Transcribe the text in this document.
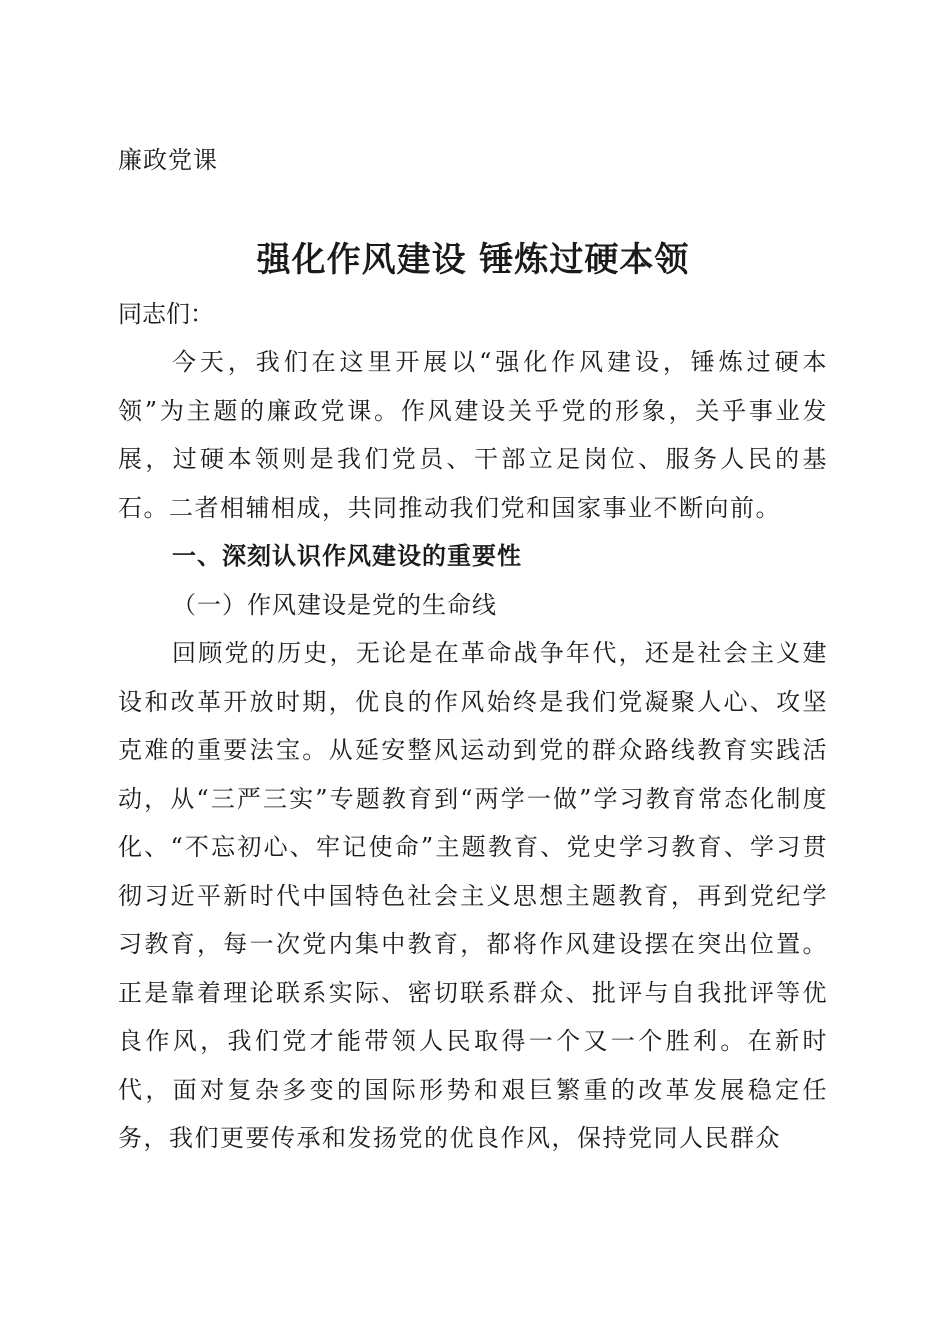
廉政党课
强化作风建设 锤炼过硬本领
同志们：

今天，我们在这里开展以“强化作风建设，锤炼过硬本领”为主题的廉政党课。作风建设关乎党的形象，关乎事业发展，过硬本领则是我们党员、干部立足岗位、服务人民的基石。二者相辅相成，共同推动我们党和国家事业不断向前。

一、深刻认识作风建设的重要性

（一）作风建设是党的生命线

回顾党的历史，无论是在革命战争年代，还是社会主义建设和改革开放时期，优良的作风始终是我们党凝聚人心、攻坚克难的重要法宝。从延安整风运动到党的群众路线教育实践活动，从“三严三实”专题教育到“两学一做”学习教育常态化制度化、“不忘初心、牢记使命”主题教育、党史学习教育、学习贯彻习近平新时代中国特色社会主义思想主题教育，再到党纪学习教育，每一次党内集中教育，都将作风建设摆在突出位置。正是靠着理论联系实际、密切联系群众、批评与自我批评等优良作风，我们党才能带领人民取得一个又一个胜利。在新时代，面对复杂多变的国际形势和艰巨繁重的改革发展稳定任务，我们更要传承和发扬党的优良作风，保持党同人民群众
